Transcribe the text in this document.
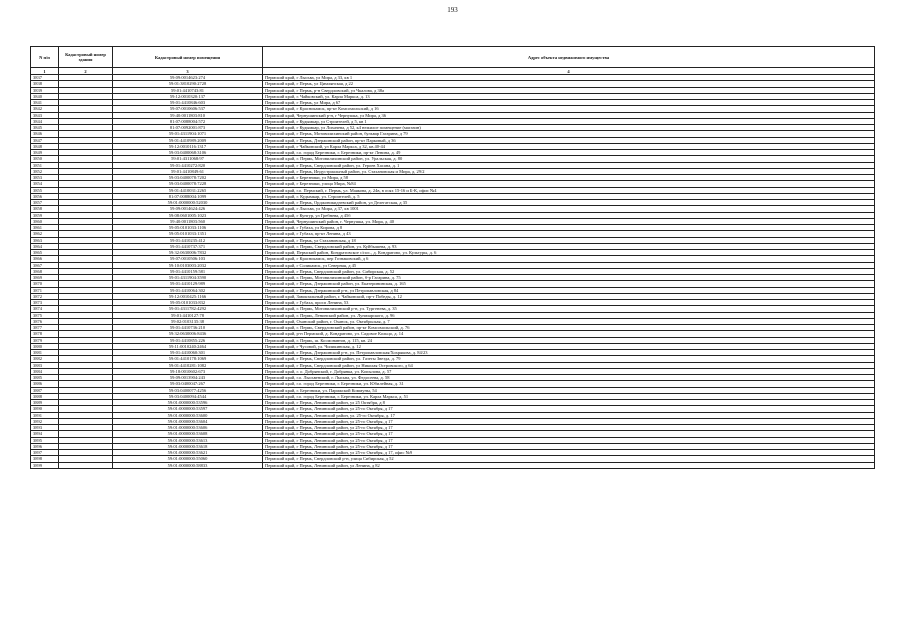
193
N п/п	Кадастровый номер здания	Кадастровый номер помещения	Адрес объекта недвижимого имущества
1	2	3	4
3837		59:09:0014623:274	Пермский край, г Лысьва, ул Мира, д 33, кв 1
3838		59:01:3810290:2728	Пермский край, г Пермь, ул Цимлянская, д 22
3839		59:01:4410743:81	Пермский край, г Пермь, р-н Свердловский, ул Чкалова, д 38а
3840		59:12:0010320:137	Пермский край, г. Чайковский, ул. Карла Маркса, д. 13
3841		59:01:4410846:603	Пермский край, г Пермь, ул Мира, д 67
3842		59:07:0010606:537	Пермский край, г Краснокамск, пр-кт Комсомольский, д 16
3843		59:40:0011803:810	Пермский край, Чернушинский р-н, г Чернушка, ул Мира, д 36
3844		81:07:0088004:572	Пермский край, г Кудымкар, ул Строителей, д 5, кв 1
3845		81:07:0092001:873	Пермский край, г Кудымкар, ул Лихачева, д 52, к4 нежилое помещение (магазин)
3846		59:01:4311904:1071	Пермский край, г Пермь, Мотовилихинский район, бульвар Гагарина, д 79
3847		59:01:4410989:2009	Пермский край, г Пермь, Дзержинский район, пр-кт Парковый, д 36
3848		59:12:0010116:1317	Пермский край, г Чайковский, ул Карла Маркса, д 32, кв.40-44
3849		59:03:0400068:3106	Пермский край, г.о. город Березники, г. Березники, пр-кт Ленина, д. 49
3850		59:01:4311068:97	Пермский край, г. Пермь, Мотовилихинский район, ул. Уральская, д. 80
3851		59:01:4410272:820	Пермский край, г Пермь, Свердловский район, ул. Героев Хасана, д. 1
3852		59:01:4410849:61	Пермский край, г Пермь, Индустриальный район, ул. Стахановская и Мира, д. 29/2
3853		59:03:0400078:7202	Пермский край, г Березники, ул Мира, д 58
3854		59:03:0400078:7228	Пермский край, г Березники, улица Мира, №84
3855		59:01:4410031:2265	Пермский край, г.о. Пермский, г. Пермь, ул. Маякова, д. 24в, в осях 15-16 и Б-К, офис №4
3856		81:07:0088004:1099	Пермский край, г. Кудымкар, ул. Строителей, д. 5
3857		59:01:0000000:52030	Пермский край, г Пермь, Орджоникидзевский район, ул Делегатская, д 35
3858		59:09:0014624:426	Пермский край, г Лысьва, ул Мира, д 37, кв 1001
3859		59:08:0601005:1023	Пермский край, г Кунгур, ул Гребнева, д 45б
3860		59:40:0011803:560	Пермский край, Чернушинский район, г. Чернушка, ул. Мира, д. 40
3861		59:05:0101033:1106	Пермский край, г Губаха, ул Кирова, д 8
3862		59:05:0101033:1351	Пермский край, г Губаха, пр-кт Ленина, д 43
3863		59:01:4410235:412	Пермский край, г Пермь, ул Стахановская, д 18
3864		59:01:4410737:371	Пермский край, г. Пермь, Свердловский район, ул. Куйбышева, д. 93
3865		59:32:0630006:7832	Пермский край, Пермский район, Кондратовское с/пос., д. Кондратово, ул. Культуры, д. 6
3866		59:07:0010506:103	Пермский край, г Краснокамск, пер Гознаковский, д 6
3867		59:10:0103003:2032	Пермский край, г Соликамск, ул Северная, д 45
3868		59:01:4410159:581	Пермский край, г Пермь, Свердловский район, ул. Сибирская, д. 52
3869		59:01:4311904:3590	Пермский край, г. Пермь, Мотовилихинский район, б-р Гагарина, д. 75
3870		59:01:4410129:989	Пермский край, г Пермь, Дзержинский район, ул. Екатерининская, д. 165
3871		59:01:4410064:302	Пермский край, г Пермь, Дзержинский р-н, ул Петропавловская, д 84
3872		59:12:0010425:1166	Пермский край, Завокзальный район, г. Чайковский, пр-т Победы, д. 12
3873		59:05:0101033:832	Пермский край, г Губаха, просп Ленина, 53
3874		59:01:4311782:4292	Пермский край, г. Пермь, Мотовилихинский р-н, ул. Тургенева, д. 35
3875		59:01:4410127:78	Пермский край, г. Пермь, Ленинский район, ул. Луначарского, д. 96
3876		59:02:0103135:38	Пермский край, Оханский район, г. Оханск, ул. Октябрьская, д. 7
3877		59:01:4410736:210	Пермский край, г. Пермь, Свердловский район, пр-кт Комсомольский, д. 76
3878		59:32:0630006:8436	Пермский край, р-н Пермский, д. Кондратово, ул. Садовое Кольцо, д. 14
3879		59:01:4410855:226	Пермский край, г. Пермь, ш. Космонавтов, д. 115, кв. 24
3880		59:11:0010240:2464	Пермский край, г Чусовой, ул. Чиликинская, д. 12
3881		59:01:4410060:301	Пермский край, г Пермь, Дзержинский р-н, ул. Петропавловская/Хохрякова, д. 84/23
3882		59:01:4410178:1069	Пермский край, г Пермь, Свердловский район, ул. Газеты Звезда, д. 79
3883		59:01:4410281:1082	Пермский край, г Пермь, Свердловский район, ул Николая Островского, д 64
3884		59:18:0010602:673	Пермский край, г. о. Добрянский, г. Добрянка, ул. Копылова, д. 57
3885		59:09:0013904:243	Пермский край, г.о. Лысьвенский, г. Лысьва, ул. Федосеева, д. 58
3886		59:03:0400047:267	Пермский край, г.о. город Березники, г. Березники, ул. Юбилейная, д. 31
3887		59:03:0400077:4256	Пермский край, г. Березники, ул. Парижской Коммуны, 54
3888		59:03:0400094:4544	Пермский край, г.о. город Березники, г. Березники, ул. Карла Маркса, д. 51
3889		59:01:0000000:53596	Пермский край, г Пермь, Ленинский район, ул 25 Октября, д 8
3890		59:01:0000000:53597	Пермский край, г Пермь, Ленинский район, ул 25-го Октября, д 17
3891		59:01:0000000:53600	Пермский край, г Пермь, Ленинский район, ул. 25-го Октября, д. 17
3892		59:01:0000000:53604	Пермский край, г Пермь, Ленинский район, ул 25-го Октября, д 17
3893		59:01:0000000:53606	Пермский край, г Пермь, Ленинский район, ул 25-го Октября, д 17
3894		59:01:0000000:53608	Пермский край, г Пермь, Ленинский район, ул 25-го Октября, д 17
3895		59:01:0000000:53613	Пермский край, г Пермь, Ленинский район, ул 25-го Октября, д 17
3896		59:01:0000000:53618	Пермский край, г Пермь, Ленинский район, ул 25-го Октября, д 17
3897		59:01:0000000:53621	Пермский край, г Пермь, Ленинский район, ул 25-го Октября, д 17, офис №9
3898		59:01:0000000:55060	Пермский край, г Пермь, Свердловский р-н, улица Сибирская, д 52
3899		59:01:0000000:58833	Пермский край, г Пермь, Ленинский район, ул Ленина, д 82
